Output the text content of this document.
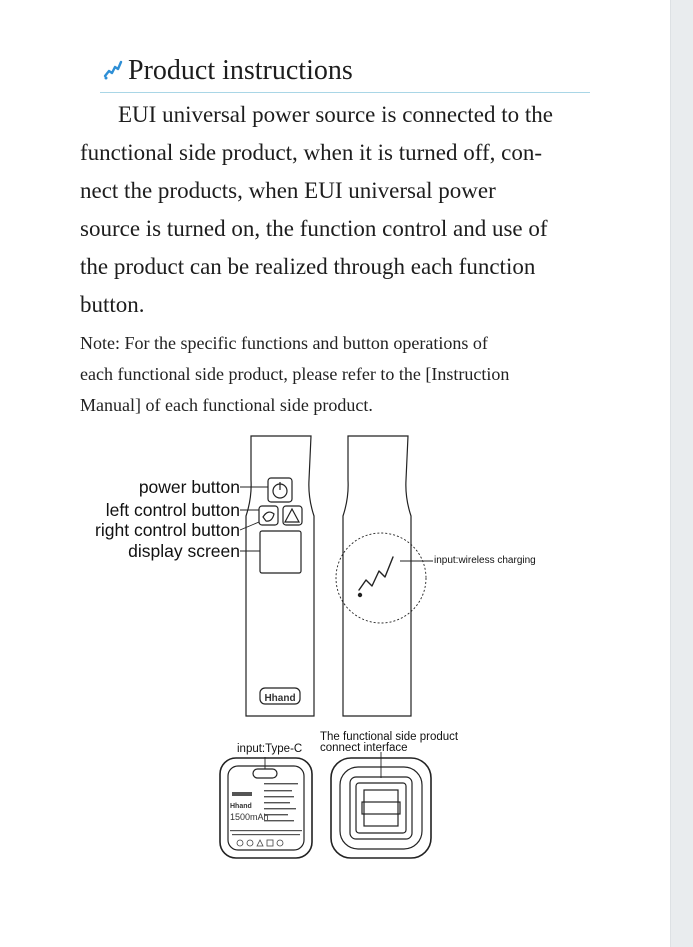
Product instructions
EUI universal power source is connected to the
functional side product, when it is turned off, con-
nect the products, when EUI universal power
source is turned on, the function control and use of
the product can be realized through each function
button.
Note: For the specific functions and button operations of
each functional side product, please refer to the [Instruction
Manual] of each functional side product.
Hhand
Hhand
1500mAh
power button
left control button
right control button
display screen	input:wireless charging
input:Type-C
The functional side product
connect interface
